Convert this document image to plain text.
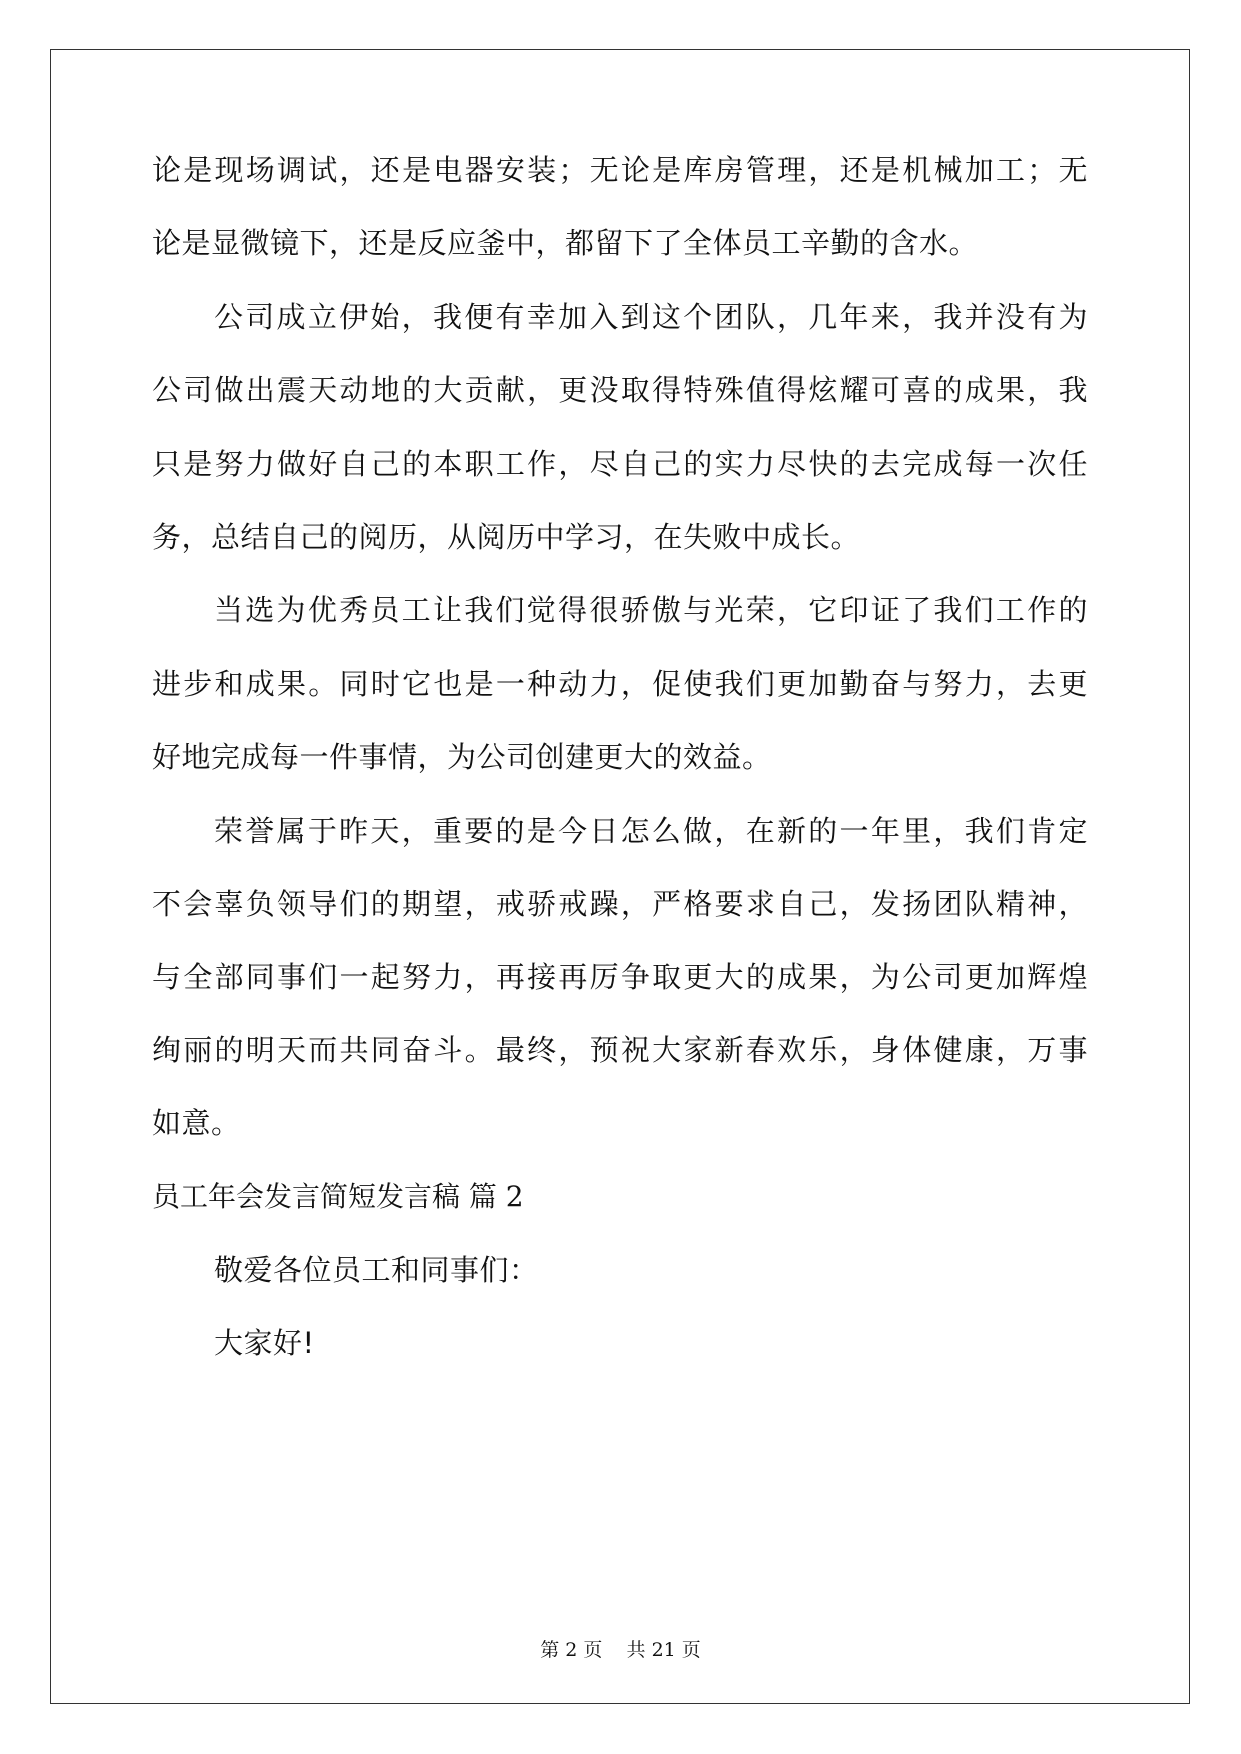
论是现场调试，还是电器安装；无论是库房管理，还是机械加工；无
论是显微镜下，还是反应釜中，都留下了全体员工辛勤的含水。
公司成立伊始，我便有幸加入到这个团队，几年来，我并没有为
公司做出震天动地的大贡献，更没取得特殊值得炫耀可喜的成果，我
只是努力做好自己的本职工作，尽自己的实力尽快的去完成每一次任
务，总结自己的阅历，从阅历中学习，在失败中成长。
当选为优秀员工让我们觉得很骄傲与光荣，它印证了我们工作的
进步和成果。同时它也是一种动力，促使我们更加勤奋与努力，去更
好地完成每一件事情，为公司创建更大的效益。
荣誉属于昨天，重要的是今日怎么做，在新的一年里，我们肯定
不会辜负领导们的期望，戒骄戒躁，严格要求自己，发扬团队精神，
与全部同事们一起努力，再接再厉争取更大的成果，为公司更加辉煌
绚丽的明天而共同奋斗。最终，预祝大家新春欢乐，身体健康，万事
如意。
员工年会发言简短发言稿 篇 2
敬爱各位员工和同事们：
大家好!
第 2 页    共 21 页
